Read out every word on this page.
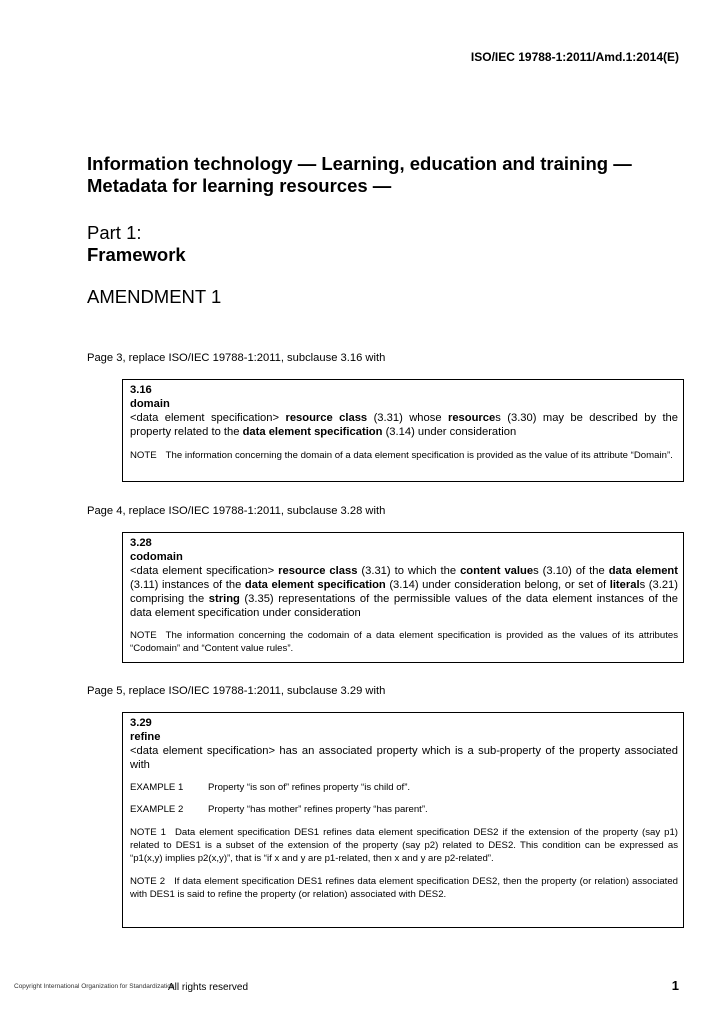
ISO/IEC 19788-1:2011/Amd.1:2014(E)
Information technology — Learning, education and training —
Metadata for learning resources —
Part 1:
Framework
AMENDMENT 1
Page 3, replace ISO/IEC 19788-1:2011, subclause 3.16 with
3.16
domain
<data element specification> resource class (3.31) whose resources (3.30) may be described by the property related to the data element specification (3.14) under consideration
NOTE The information concerning the domain of a data element specification is provided as the value of its attribute “Domain”.
Page 4, replace ISO/IEC 19788-1:2011, subclause 3.28 with
3.28
codomain
<data element specification> resource class (3.31) to which the content values (3.10) of the data element (3.11) instances of the data element specification (3.14) under consideration belong, or set of literals (3.21) comprising the string (3.35) representations of the permissible values of the data element instances of the data element specification under consideration
NOTE The information concerning the codomain of a data element specification is provided as the values of its attributes “Codomain” and “Content value rules”.
Page 5, replace ISO/IEC 19788-1:2011, subclause 3.29 with
3.29
refine
<data element specification> has an associated property which is a sub-property of the property associated with
EXAMPLE 1	Property “is son of” refines property “is child of”.
EXAMPLE 2	Property “has mother” refines property “has parent”.
NOTE 1 Data element specification DES1 refines data element specification DES2 if the extension of the property (say p1) related to DES1 is a subset of the extension of the property (say p2) related to DES2. This condition can be expressed as “p1(x,y) implies p2(x,y)”, that is “if x and y are p1-related, then x and y are p2-related”.
NOTE 2 If data element specification DES1 refines data element specification DES2, then the property (or relation) associated with DES1 is said to refine the property (or relation) associated with DES2.
Copyright International Organization for Standardization
All rights reserved	1
